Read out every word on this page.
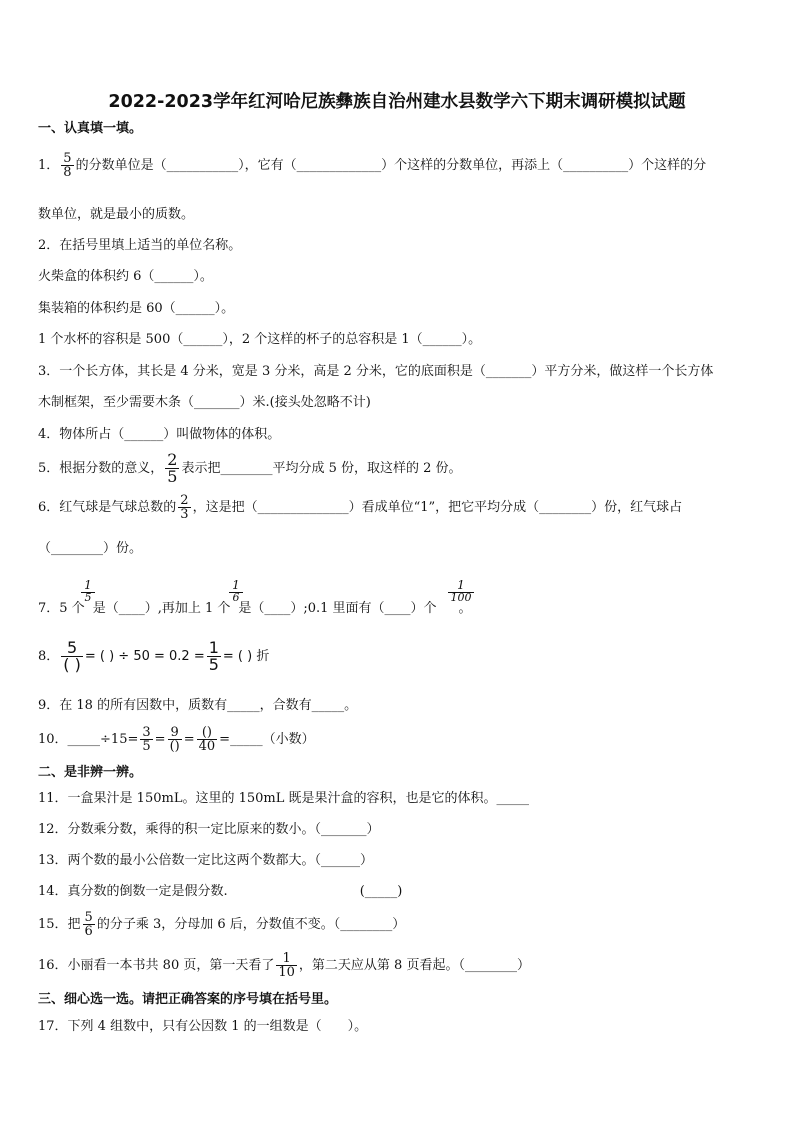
2022-2023学年红河哈尼族彝族自治州建水县数学六下期末调研模拟试题
一、认真填一填。
1． $\frac{5}{8}$ 的分数单位是（___________），它有（_____________）个这样的分数单位，再添上（__________）个这样的分
数单位，就是最小的质数。
2．在括号里填上适当的单位名称。
火柴盒的体积约 6（______）。
集装箱的体积约是 60（______）。
1 个水杯的容积是 500（______），2 个这样的杯子的总容积是 1（______）。
3．一个长方体，其长是 4 分米，宽是 3 分米，高是 2 分米，它的底面积是（_______）平方分米，做这样一个长方体
木制框架，至少需要木条（_______）米.(接头处忽略不计)
4．物体所占（______）叫做物体的体积。
5．根据分数的意义， $\frac{2}{5}$ 表示把________平均分成 5 份，取这样的 2 份。
6．红气球是气球总数的 $\frac{2}{3}$ ，这是把（______________）看成单位“1”，把它平均分成（________）份，红气球占
（________）份。
7．5 个 是（____）,再加上 1 个 是（____）;0.1 里面有（____）个 。
$\frac{1}{5}$	$\frac{1}{6}$	$\frac{1}{100}$
8． $\frac{5}{( )}$ = ( ) ÷ $50 = 0.2 = \frac{1}{5}$ = ( ) 折
9．在 18 的所有因数中，质数有_____，合数有_____。
10．_____÷15= $\frac{3}{5} = \frac{9}{()} = \frac{()}{40}$ =_____（小数）
二、是非辨一辨。
11．一盒果汁是 150mL。这里的 150mL 既是果汁盒的容积，也是它的体积。_____
12．分数乘分数，乘得的积一定比原来的数小。（_______）
13．两个数的最小公倍数一定比这两个数都大。（______）
14．真分数的倒数一定是假分数.	(_____)
15．把 $\frac{5}{6}$ 的分子乘 3，分母加 6 后，分数值不变。（________）
16．小丽看一本书共 80 页，第一天看了 $\frac{1}{10}$ ，第二天应从第 8 页看起。（________）
三、细心选一选。请把正确答案的序号填在括号里。
17．下列 4 组数中，只有公因数 1 的一组数是（　　）。
